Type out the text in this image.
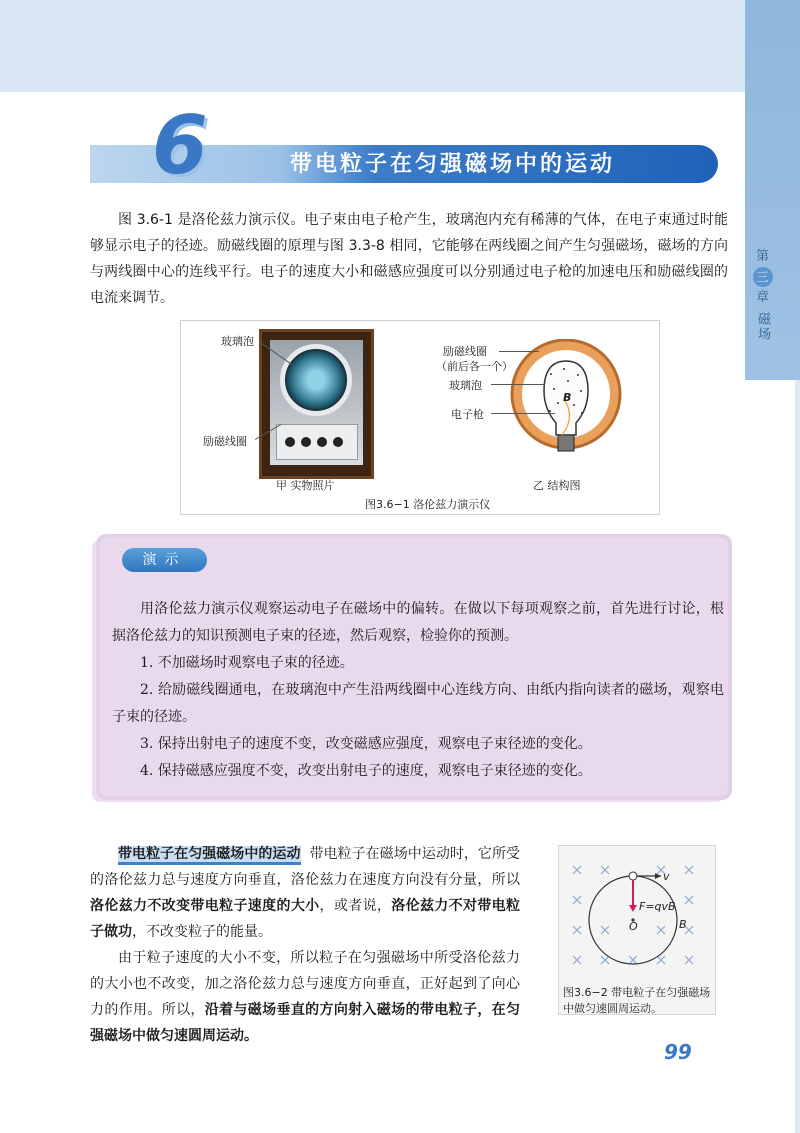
第
三
章
磁场
6	带电粒子在匀强磁场中的运动

图 3.6-1 是洛伦兹力演示仪。电子束由电子枪产生，玻璃泡内充有稀薄的气体，在电子束通过时能够显示电子的径迹。励磁线圈的原理与图 3.3-8 相同，它能够在两线圈之间产生匀强磁场，磁场的方向与两线圈中心的连线平行。电子的速度大小和磁感应强度可以分别通过电子枪的加速电压和励磁线圈的电流来调节。

玻璃泡
励磁线圈
甲 实物照片
B
励磁线圈
（前后各一个）
玻璃泡
电子枪
乙 结构图
图3.6−1 洛伦兹力演示仪
演示

用洛伦兹力演示仪观察运动电子在磁场中的偏转。在做以下每项观察之前，首先进行讨论，根据洛伦兹力的知识预测电子束的径迹，然后观察，检验你的预测。

1. 不加磁场时观察电子束的径迹。

2. 给励磁线圈通电，在玻璃泡中产生沿两线圈中心连线方向、由纸内指向读者的磁场，观察电子束的径迹。

3. 保持出射电子的速度不变，改变磁感应强度，观察电子束径迹的变化。

4. 保持磁感应强度不变，改变出射电子的速度，观察电子束径迹的变化。

带电粒子在匀强磁场中的运动 带电粒子在磁场中运动时，它所受的洛伦兹力总与速度方向垂直，洛伦兹力在速度方向没有分量，所以洛伦兹力不改变带电粒子速度的大小，或者说，洛伦兹力不对带电粒子做功，不改变粒子的能量。

由于粒子速度的大小不变，所以粒子在匀强磁场中所受洛伦兹力的大小也不改变，加之洛伦兹力总与速度方向垂直，正好起到了向心力的作用。所以，沿着与磁场垂直的方向射入磁场的带电粒子，在匀强磁场中做匀速圆周运动。

v
F=qvB
O	B

图3.6−2 带电粒子在匀强磁场中做匀速圆周运动。

99
